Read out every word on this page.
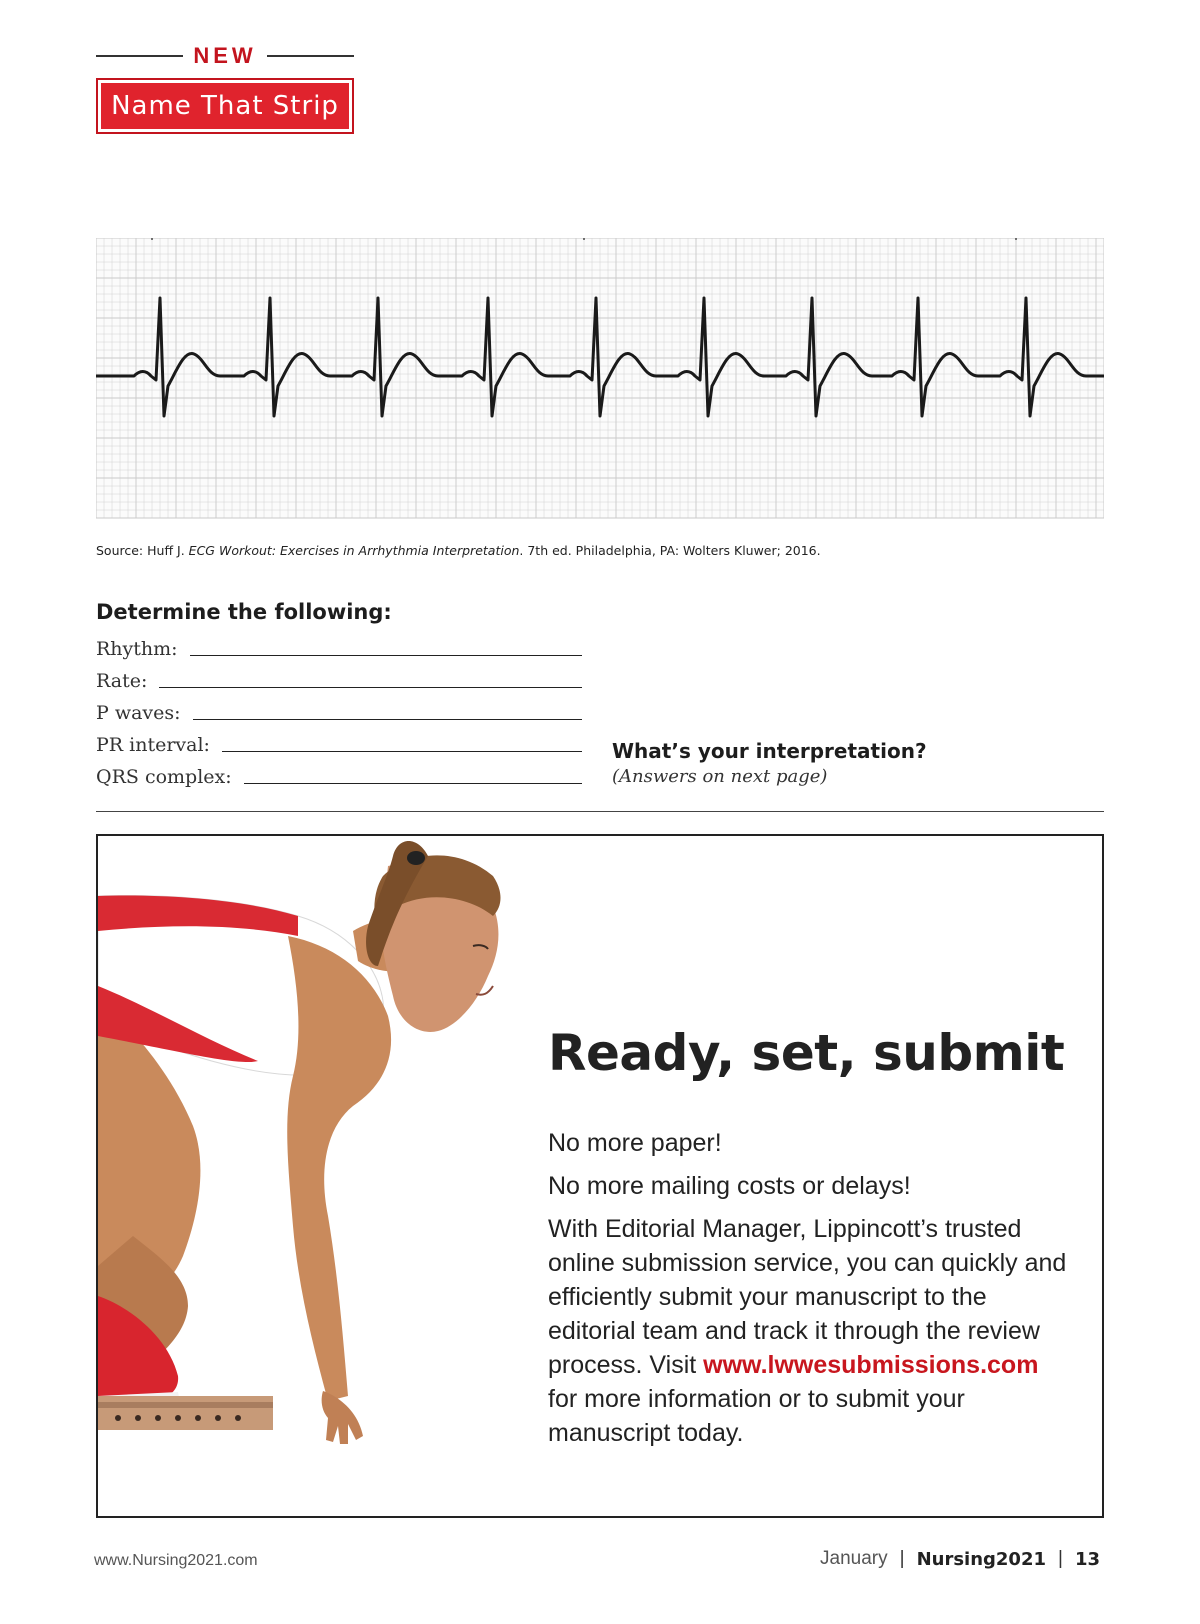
NEW
Name That Strip
Source: Huff J. ECG Workout: Exercises in Arrhythmia Interpretation. 7th ed. Philadelphia, PA: Wolters Kluwer; 2016.
Determine the following:
Rhythm:
Rate:
P waves:
PR interval:
QRS complex:
What’s your interpretation?
(Answers on next page)
Ready, set, submit
No more paper!
No more mailing costs or delays!
With Editorial Manager, Lippincott’s trusted online submission service, you can quickly and efficiently submit your manuscript to the editorial team and track it through the review process. Visit www.lwwesubmissions.com for more information or to submit your manuscript today.
www.Nursing2021.com	January | Nursing2021 | 13
